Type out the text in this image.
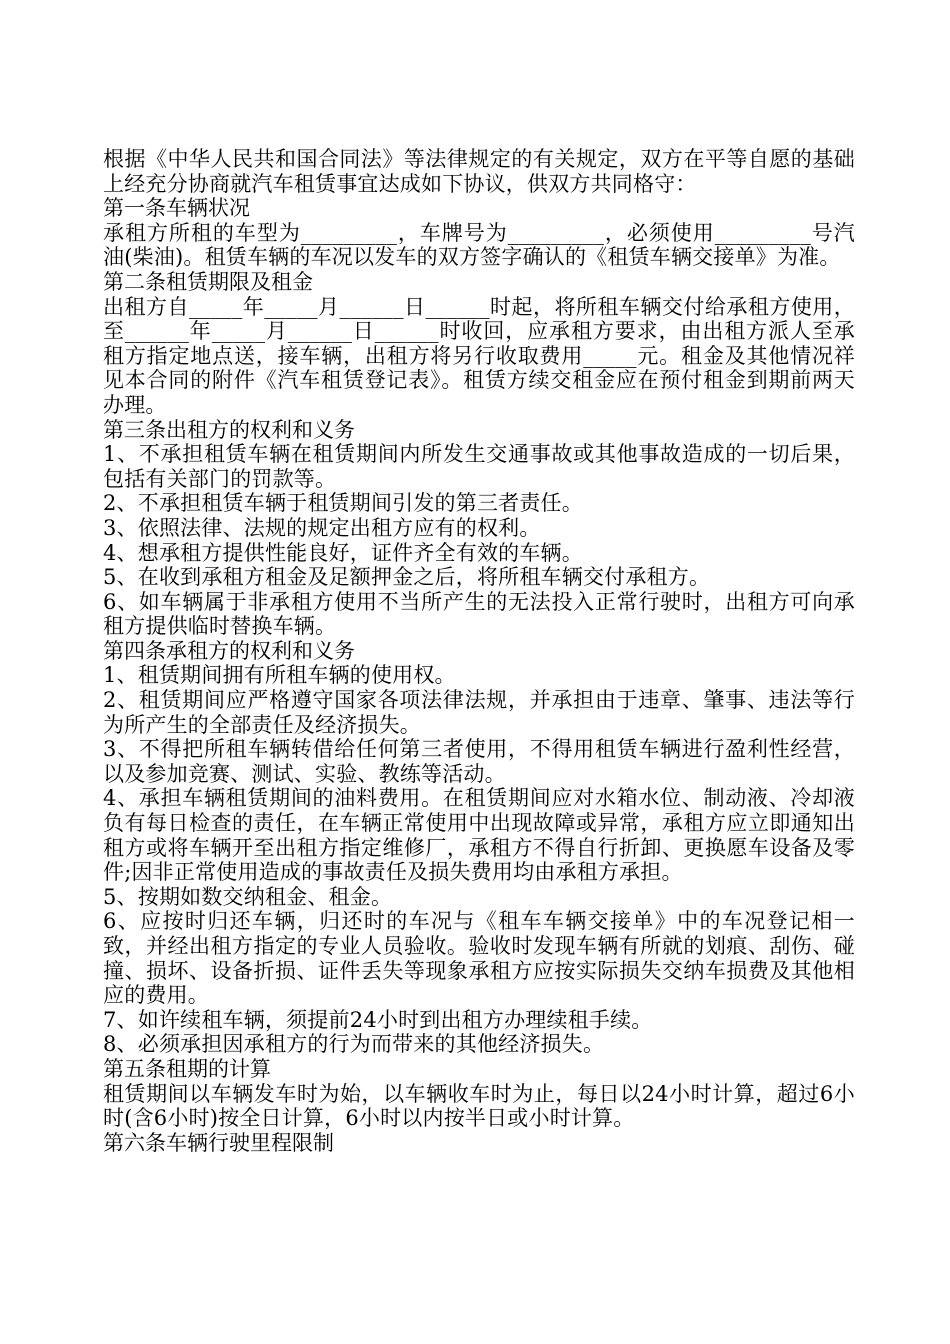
根据《中华人民共和国合同法》等法律规定的有关规定，双方在平等自愿的基础上经充分协商就汽车租赁事宜达成如下协议，供双方共同格守：

第一条车辆状况

承租方所租的车型为_________，车牌号为_________，必须使用_________号汽油(柴油)。租赁车辆的车况以发车的双方签字确认的《租赁车辆交接单》为准。

第二条租赁期限及租金

出租方自_____年_____月______日______时起，将所租车辆交付给承租方使用，至______年_____月______日______时收回，应承租方要求，由出租方派人至承租方指定地点送，接车辆，出租方将另行收取费用_____元。租金及其他情况祥见本合同的附件《汽车租赁登记表》。租赁方续交租金应在预付租金到期前两天办理。

第三条出租方的权利和义务

1、不承担租赁车辆在租赁期间内所发生交通事故或其他事故造成的一切后果，包括有关部门的罚款等。

2、不承担租赁车辆于租赁期间引发的第三者责任。

3、依照法律、法规的规定出租方应有的权利。

4、想承租方提供性能良好，证件齐全有效的车辆。

5、在收到承租方租金及足额押金之后，将所租车辆交付承租方。

6、如车辆属于非承租方使用不当所产生的无法投入正常行驶时，出租方可向承租方提供临时替换车辆。

第四条承租方的权利和义务

1、租赁期间拥有所租车辆的使用权。

2、租赁期间应严格遵守国家各项法律法规，并承担由于违章、肇事、违法等行为所产生的全部责任及经济损失。

3、不得把所租车辆转借给任何第三者使用，不得用租赁车辆进行盈利性经营，以及参加竞赛、测试、实验、教练等活动。

4、承担车辆租赁期间的油料费用。在租赁期间应对水箱水位、制动液、冷却液负有每日检查的责任，在车辆正常使用中出现故障或异常，承租方应立即通知出租方或将车辆开至出租方指定维修厂，承租方不得自行折卸、更换愿车设备及零件;因非正常使用造成的事故责任及损失费用均由承租方承担。

5、按期如数交纳租金、租金。

6、应按时归还车辆，归还时的车况与《租车车辆交接单》中的车况登记相一致，并经出租方指定的专业人员验收。验收时发现车辆有所就的划痕、刮伤、碰撞、损坏、设备折损、证件丢失等现象承租方应按实际损失交纳车损费及其他相应的费用。

7、如许续租车辆，须提前24小时到出租方办理续租手续。

8、必须承担因承租方的行为而带来的其他经济损失。

第五条租期的计算

租赁期间以车辆发车时为始，以车辆收车时为止，每日以24小时计算，超过6小时(含6小时)按全日计算，6小时以内按半日或小时计算。

第六条车辆行驶里程限制
